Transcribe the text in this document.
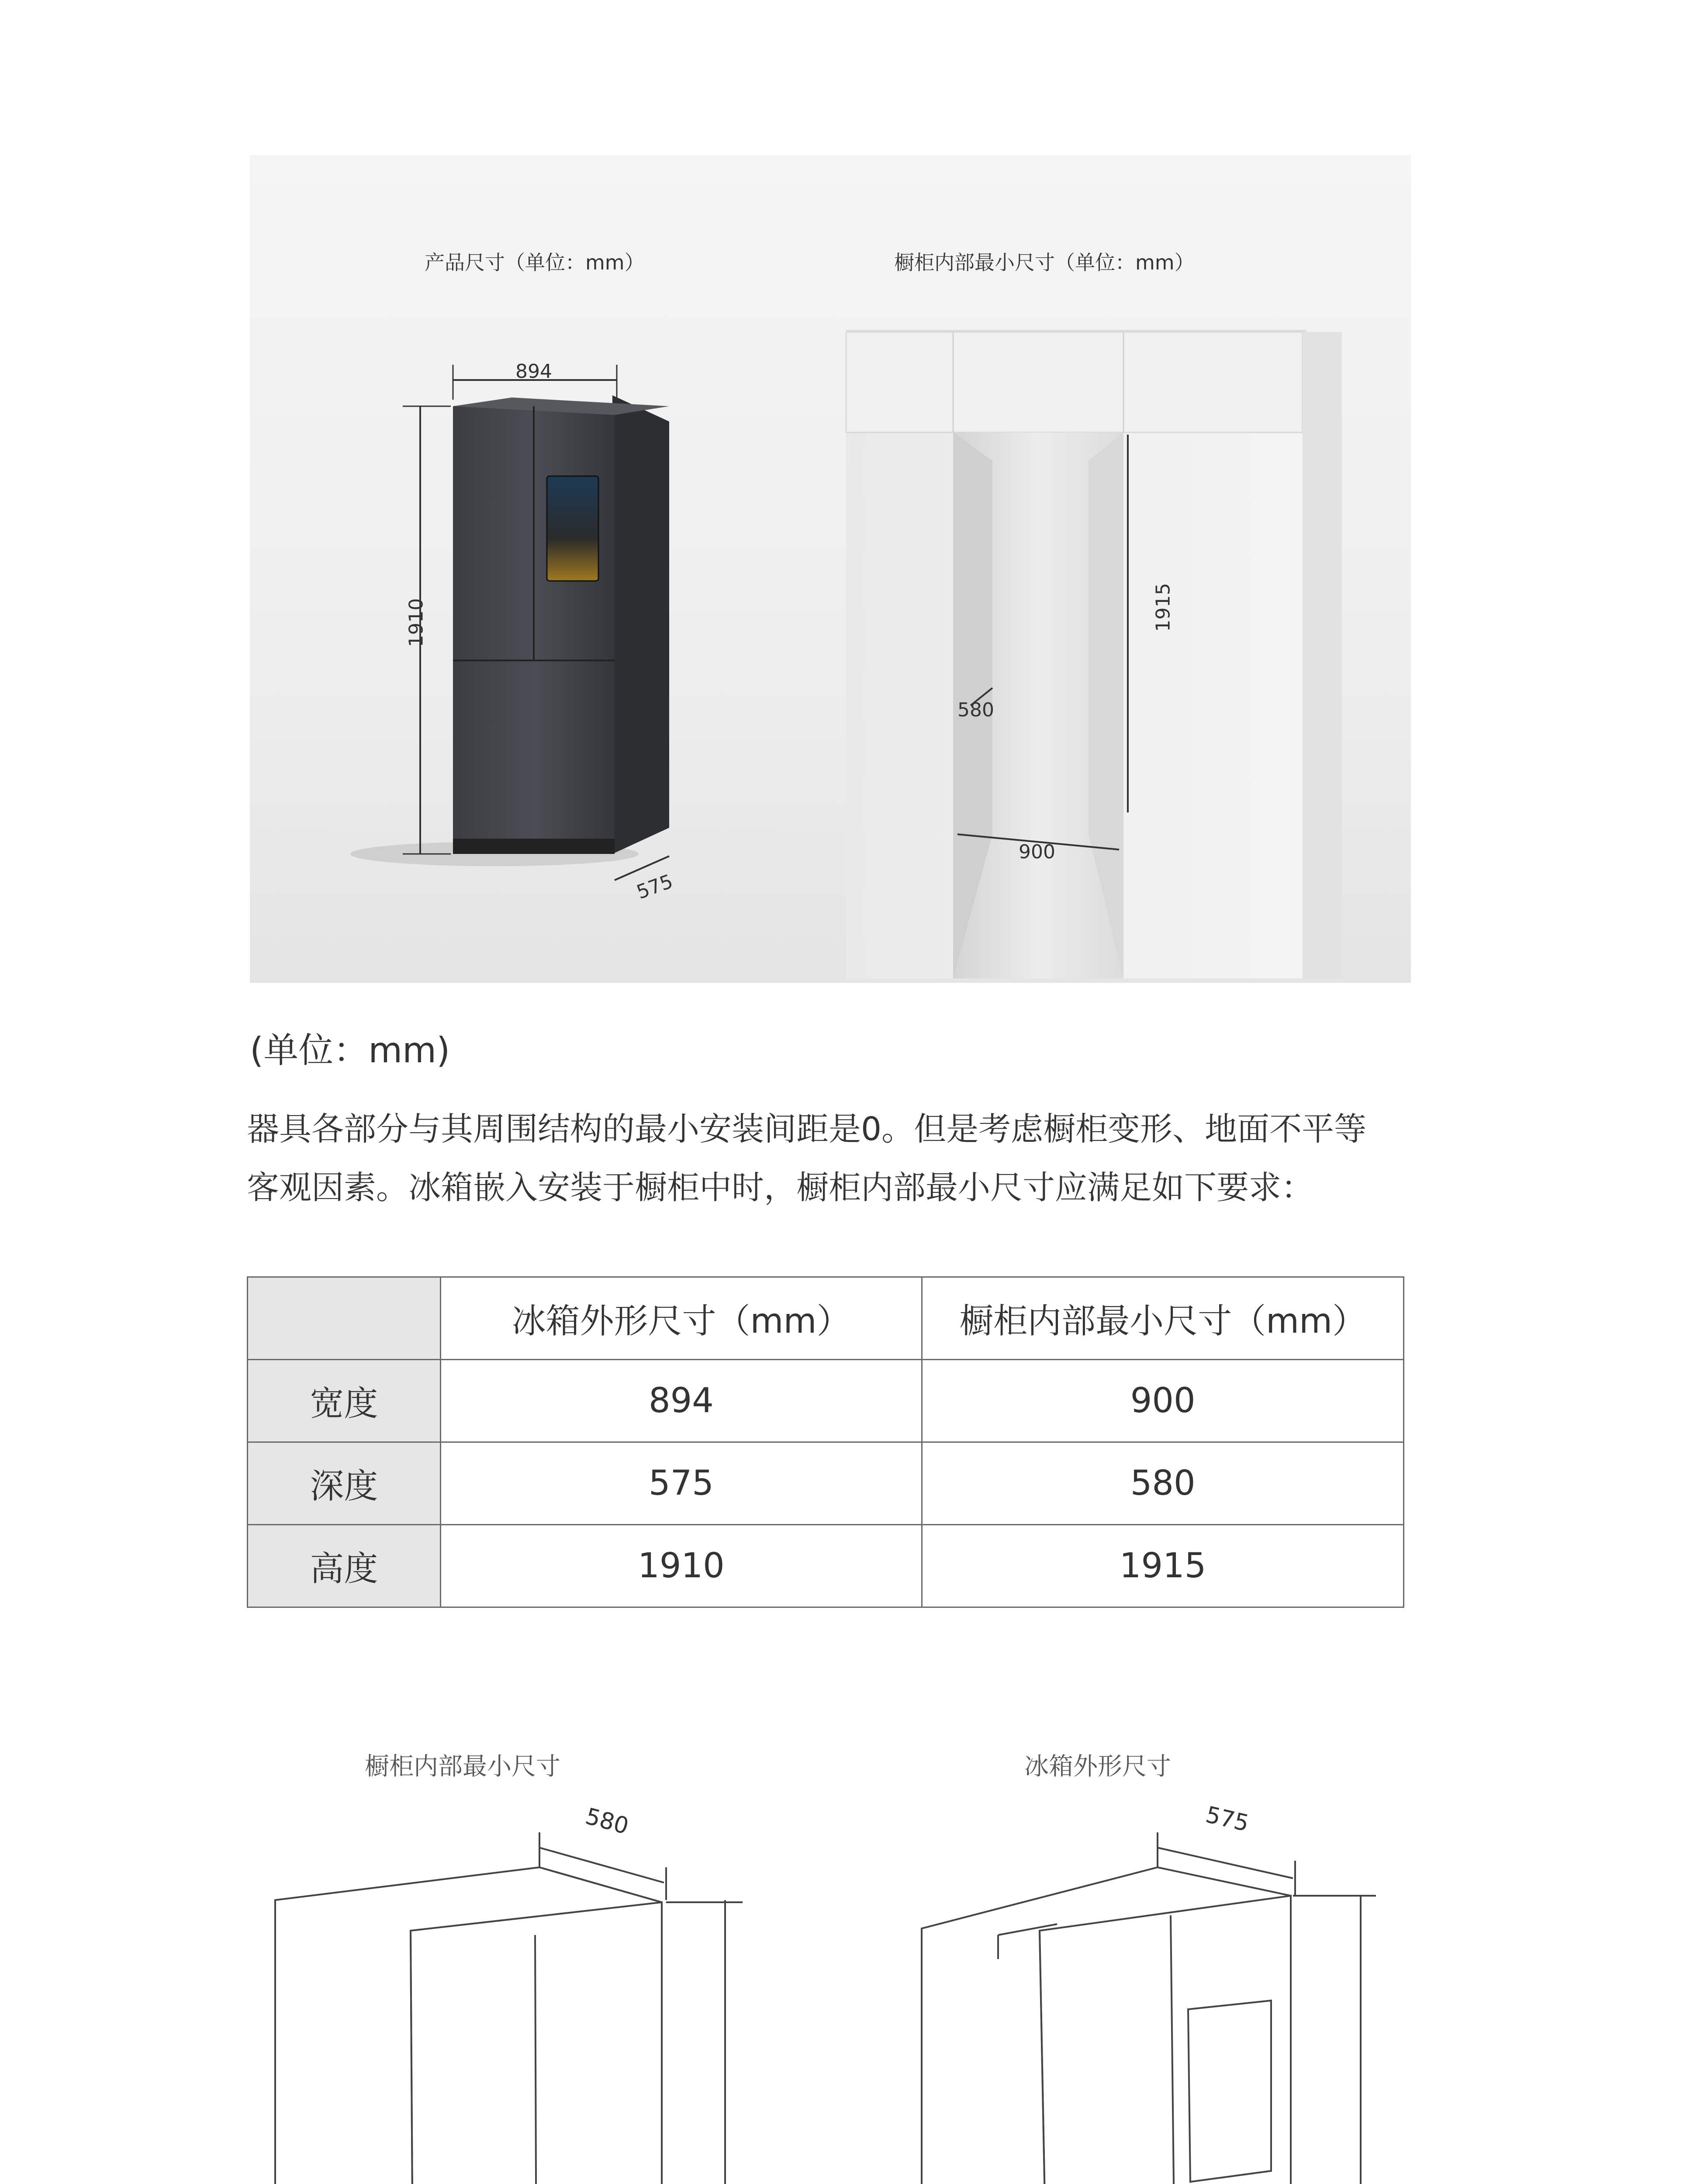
产品尺寸（单位：mm）	橱柜内部最小尺寸（单位：mm）
894
1910
575
580
1915
900
(单位：mm)
器具各部分与其周围结构的最小安装间距是0。但是考虑橱柜变形、地面不平等
客观因素。冰箱嵌入安装于橱柜中时，橱柜内部最小尺寸应满足如下要求：
	冰箱外形尺寸（mm）	橱柜内部最小尺寸（mm）
宽度	894	900
深度	575	580
高度	1910	1915
橱柜内部最小尺寸	冰箱外形尺寸
580	575
